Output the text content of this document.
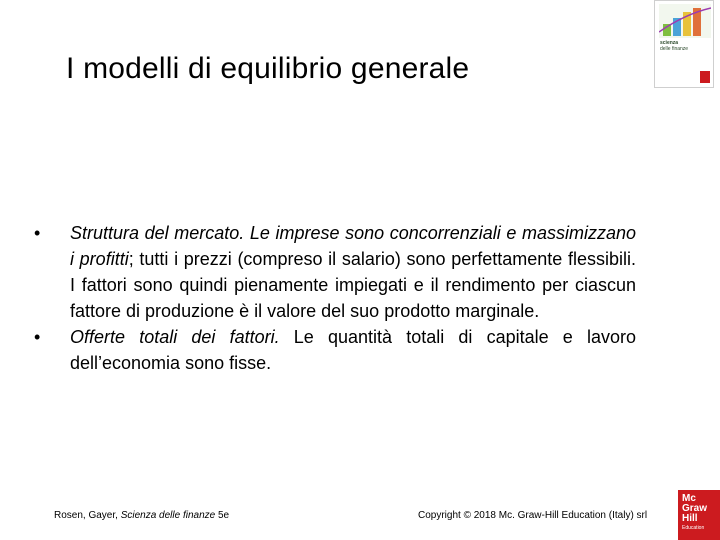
I modelli di equilibrio generale
scienza
delle finanze
• Struttura del mercato. Le imprese sono concorrenziali e massimizzano i profitti; tutti i prezzi (compreso il salario) sono perfettamente flessibili. I fattori sono quindi pienamente impiegati e il rendimento per ciascun fattore di produzione è il valore del suo prodotto marginale.
• Offerte totali dei fattori. Le quantità totali di capitale e lavoro dell’economia sono fisse.
Rosen, Gayer, Scienza delle finanze 5e	Copyright © 2018 Mc. Graw-Hill Education (Italy) srl
Mc
Graw
Hill
Education
